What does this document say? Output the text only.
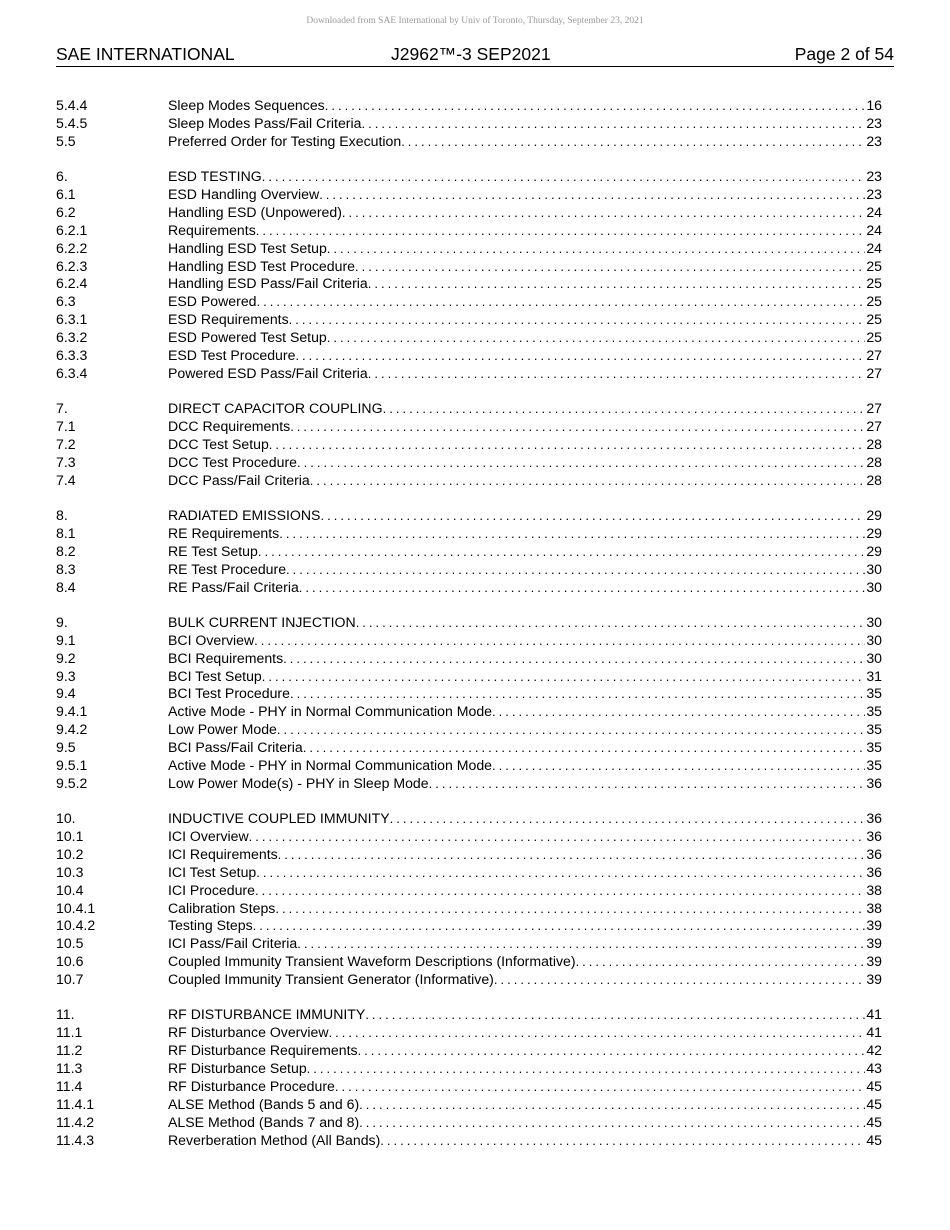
Downloaded from SAE International by Univ of Toronto, Thursday, September 23, 2021
SAE INTERNATIONAL	J2962™-3 SEP2021	Page 2 of 54
5.4.4	Sleep Modes Sequences . . .	16
5.4.5	Sleep Modes Pass/Fail Criteria . . .	23
5.5	Preferred Order for Testing Execution . . .	23
6.	ESD TESTING . . .	23
6.1	ESD Handling Overview . . .	23
6.2	Handling ESD (Unpowered) . . .	24
6.2.1	Requirements . . .	24
6.2.2	Handling ESD Test Setup . . .	24
6.2.3	Handling ESD Test Procedure . . .	25
6.2.4	Handling ESD Pass/Fail Criteria . . .	25
6.3	ESD Powered . . .	25
6.3.1	ESD Requirements . . .	25
6.3.2	ESD Powered Test Setup . . .	25
6.3.3	ESD Test Procedure . . .	27
6.3.4	Powered ESD Pass/Fail Criteria . . .	27
7.	DIRECT CAPACITOR COUPLING . . .	27
7.1	DCC Requirements . . .	27
7.2	DCC Test Setup . . .	28
7.3	DCC Test Procedure . . .	28
7.4	DCC Pass/Fail Criteria . . .	28
8.	RADIATED EMISSIONS . . .	29
8.1	RE Requirements . . .	29
8.2	RE Test Setup . . .	29
8.3	RE Test Procedure . . .	30
8.4	RE Pass/Fail Criteria . . .	30
9.	BULK CURRENT INJECTION . . .	30
9.1	BCI Overview . . .	30
9.2	BCI Requirements . . .	30
9.3	BCI Test Setup . . .	31
9.4	BCI Test Procedure . . .	35
9.4.1	Active Mode - PHY in Normal Communication Mode . . .	35
9.4.2	Low Power Mode . . .	35
9.5	BCI Pass/Fail Criteria . . .	35
9.5.1	Active Mode - PHY in Normal Communication Mode . . .	35
9.5.2	Low Power Mode(s) - PHY in Sleep Mode . . .	36
10.	INDUCTIVE COUPLED IMMUNITY . . .	36
10.1	ICI Overview . . .	36
10.2	ICI Requirements . . .	36
10.3	ICI Test Setup . . .	36
10.4	ICI Procedure . . .	38
10.4.1	Calibration Steps . . .	38
10.4.2	Testing Steps . . .	39
10.5	ICI Pass/Fail Criteria . . .	39
10.6	Coupled Immunity Transient Waveform Descriptions (Informative) . . .	39
10.7	Coupled Immunity Transient Generator (Informative) . . .	39
11.	RF DISTURBANCE IMMUNITY . . .	41
11.1	RF Disturbance Overview . . .	41
11.2	RF Disturbance Requirements . . .	42
11.3	RF Disturbance Setup . . .	43
11.4	RF Disturbance Procedure . . .	45
11.4.1	ALSE Method (Bands 5 and 6) . . .	45
11.4.2	ALSE Method (Bands 7 and 8) . . .	45
11.4.3	Reverberation Method (All Bands) . . .	45
